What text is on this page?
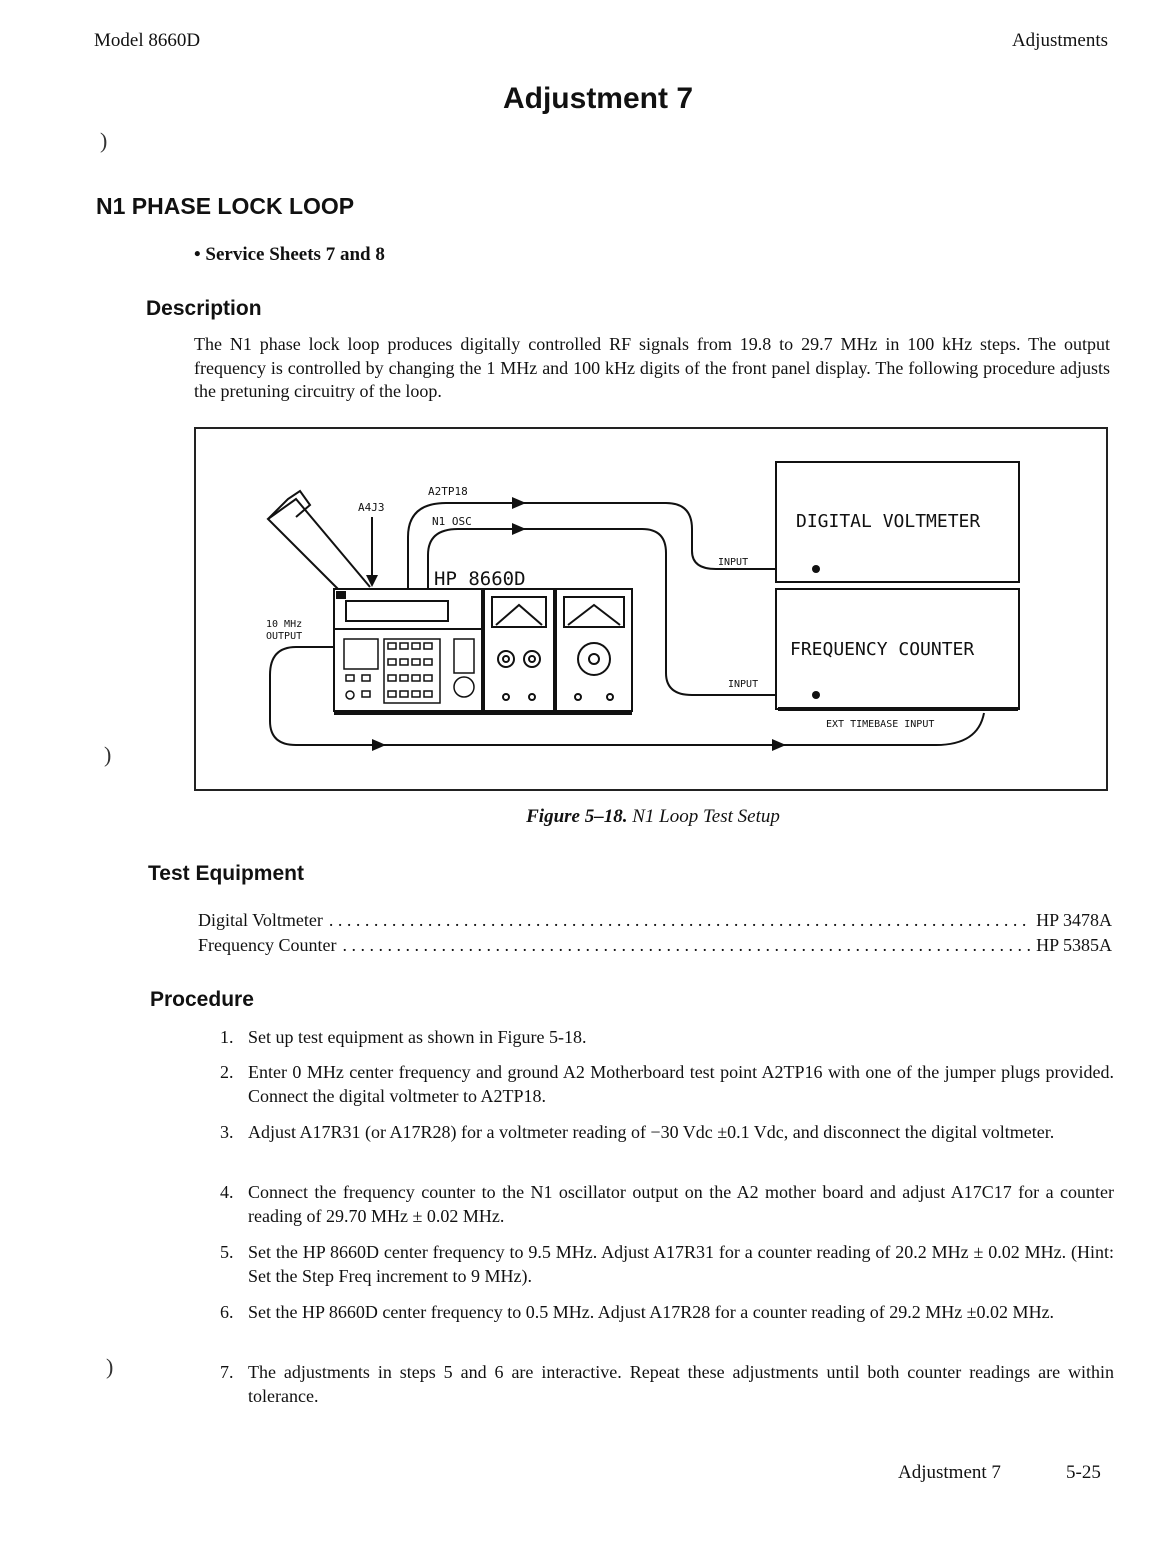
Model 8660D	Adjustments
Adjustment 7
)
)
)
N1 PHASE LOCK LOOP
• Service Sheets 7 and 8
Description
The N1 phase lock loop produces digitally controlled RF signals from 19.8 to 29.7 MHz in 100 kHz steps. The output frequency is controlled by changing the 1 MHz and 100 kHz digits of the front panel display. The following procedure adjusts the pretuning circuitry of the loop.
A2TP18
A4J3
N1 OSC
HP 8660D
10 MHz
OUTPUT
INPUT
INPUT
DIGITAL VOLTMETER
FREQUENCY COUNTER
EXT TIMEBASE INPUT
Figure 5–18. N1 Loop Test Setup
Test Equipment
Digital Voltmeter . . .	HP 3478A
Frequency Counter . . .	HP 5385A
Procedure
1. Set up test equipment as shown in Figure 5-18.
2. Enter 0 MHz center frequency and ground A2 Motherboard test point A2TP16 with one of the jumper plugs provided. Connect the digital voltmeter to A2TP18.
3. Adjust A17R31 (or A17R28) for a voltmeter reading of −30 Vdc ±0.1 Vdc, and disconnect the digital voltmeter.
4. Connect the frequency counter to the N1 oscillator output on the A2 mother board and adjust A17C17 for a counter reading of 29.70 MHz ± 0.02 MHz.
5. Set the HP 8660D center frequency to 9.5 MHz. Adjust A17R31 for a counter reading of 20.2 MHz ± 0.02 MHz. (Hint: Set the Step Freq increment to 9 MHz).
6. Set the HP 8660D center frequency to 0.5 MHz. Adjust A17R28 for a counter reading of 29.2 MHz ±0.02 MHz.
7. The adjustments in steps 5 and 6 are interactive. Repeat these adjustments until both counter readings are within tolerance.
Adjustment 7	5-25
